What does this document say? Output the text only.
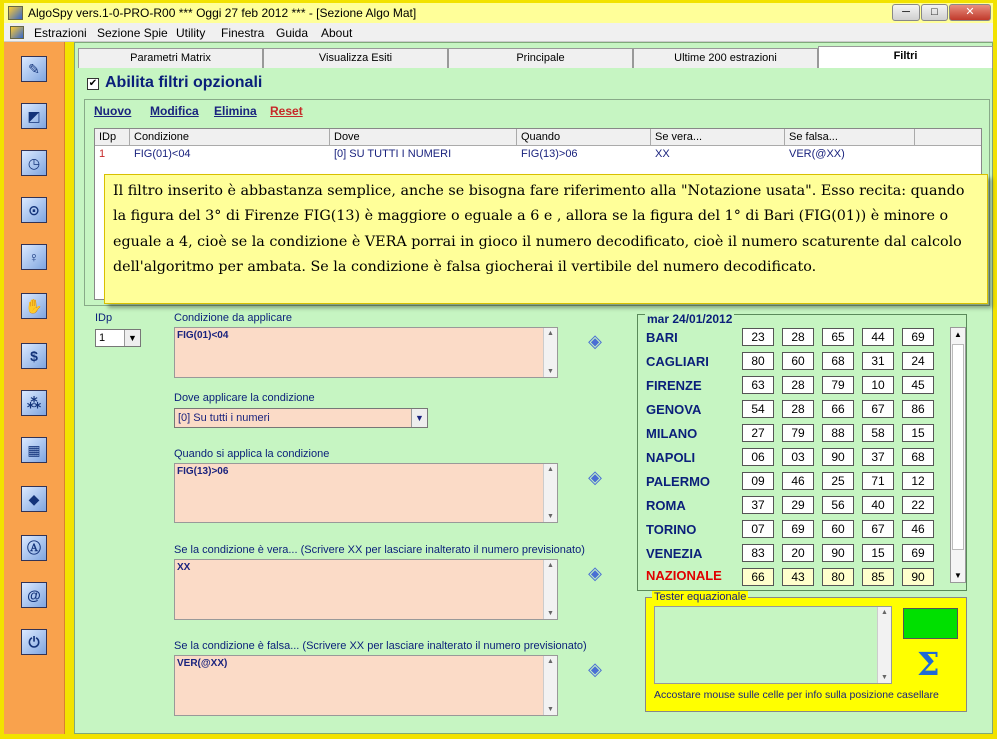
AlgoSpy vers.1-0-PRO-R00 *** Oggi 27 feb 2012 *** - [Sezione Algo Mat]	─	□	✕
Estrazioni Sezione Spie Utility Finestra Guida About
✎
◩
◷
⊙
♀
✋
$
⁂
▦
◆
Ⓐ
@
⏻
Parametri Matrix	Visualizza Esiti	Principale	Ultime 200 estrazioni	Filtri
✔ Abilita filtri opzionali
Nuovo Modifica Elimina Reset
IDp	Condizione	Dove	Quando	Se vera...	Se falsa...
1	FIG(01)<04	[0] SU TUTTI I NUMERI	FIG(13)>06	XX	VER(@XX)
Il filtro inserito è abbastanza semplice, anche se bisogna fare riferimento alla "Notazione usata". Esso recita: quando la figura del 3° di Firenze FIG(13) è maggiore o eguale a 6 e , allora se la figura del 1° di Bari (FIG(01)) è minore o eguale a 4, cioè se la condizione è VERA porrai in gioco il numero decodificato, cioè il numero scaturente dal calcolo dell'algoritmo per ambata. Se la condizione è falsa giocherai il vertibile del numero decodificato.
IDp
1	▼
Condizione da applicare
FIG(01)<04	▲
▼
◈
Dove applicare la condizione
[0] Su tutti i numeri	▼
Quando si applica la condizione
FIG(13)>06	▲
▼
◈
Se la condizione è vera... (Scrivere XX per lasciare inalterato il numero previsionato)
XX	▲
▼
◈
Se la condizione è falsa... (Scrivere XX per lasciare inalterato il numero previsionato)
VER(@XX)	▲
▼
◈
mar 24/01/2012
BARI	23	28	65	44	69
CAGLIARI	80	60	68	31	24
FIRENZE	63	28	79	10	45
GENOVA	54	28	66	67	86
MILANO	27	79	88	58	15
NAPOLI	06	03	90	37	68
PALERMO	09	46	25	71	12
ROMA	37	29	56	40	22
TORINO	07	69	60	67	46
VENEZIA	83	20	90	15	69
NAZIONALE	66	43	80	85	90
▲
▼
Tester equazionale
▲
▼ Σ
Accostare mouse sulle celle per info sulla posizione casellare
